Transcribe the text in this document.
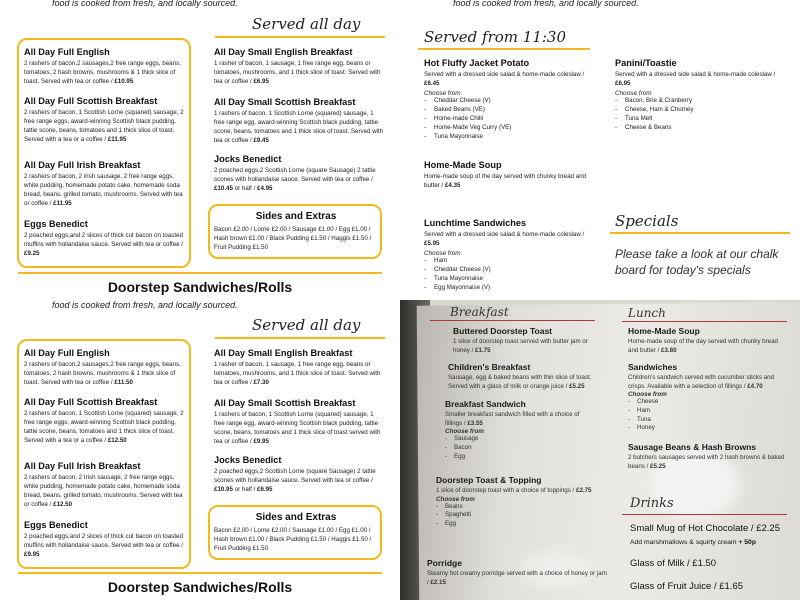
food is cooked from fresh, and locally sourced.
Served all day
All Day Full English

2 rashers of bacon,2 sausages,2 free range eggs, beans, tomatoes, 2 hash browns, mushrooms & 1 thick slice of toast. Served with tea or coffee / £10.95

All Day Full Scottish Breakfast

2 rashers of bacon, 1 Scottish Lorne (squared) sausage, 2 free range eggs, award-winning Scottish black pudding, tattie scone, beans, tomatoes and 1 thick slice of toast. Served with a tea or a coffee / £11.95

All Day Full Irish Breakfast

2 rashers of bacon, 2 irish sausage, 2 free range eggs, white pudding, homemade potato cake, homemade soda bread, beans, grilled tomato, mushrooms. Served with tea or coffee / £11.95

Eggs Benedict

2 poached eggs,and 2 slices of thick cut bacon on toasted muffins with hollandaise sauce. Served with tea or coffee / £9.25

All Day Small English Breakfast

1 rasher of bacon, 1 sausage, 1 free range egg, beans or tomatoes, mushrooms, and 1 thick slice of toast. Served with tea or coffee / £6.95

All Day Small Scottish Breakfast

1 rashers of bacon, 1 Scottish Lorne (squared) sausage, 1 free range egg, award-winning Scottish black pudding, tattie scone, beans, tomatoes and 1 thick slice of toast. Served with tea or coffee / £9.45

Jocks Benedict

2 poached eggs,2 Scottish Lorne (square Sausage) 2 tattie scones with hollandaise sauce. Served with tea or coffee / £10.45 or half / £4.95

Sides and Extras

Bacon £2.00 / Lorne £2.00 / Sausage £1.00 / Egg £1.00 / Hash brown £1.00 / Black Pudding £1.50 / Haggis £1.50 / Fruit Pudding £1.50

Doorstep Sandwiches/Rolls
food is cooked from fresh, and locally sourced.
Served from 11:30
Hot Fluffy Jacket Potato

Served with a dressed side salad & home-made coleslaw / £6.45

Choose from
- Cheddar Cheese (V)
- Baked Beans (VE)
- Home-made Chilli
- Home-Made Veg Curry (VE)
- Tuna Mayonnaise
Panini/Toastie

Served with a dressed side salad & home-made coleslaw / £6.95

Choose from
- Bacon, Brie & Cranberry
- Cheese, Ham & Chutney
- Tuna Melt
- Cheese & Beans
Home-Made Soup

Home-made soup of the day served with chunky bread and butter / £4.35

Lunchtime Sandwiches

Served with a dressed side salad & home-made coleslaw / £5.95

Choose from
- Ham
- Cheddar Cheese (V)
- Tuna Mayonnaise
- Egg Mayonnaise (V)
Specials
Please take a look at our chalk board for today's specials
food is cooked from fresh, and locally sourced.
Served all day
All Day Full English

2 rashers of bacon,2 sausages,2 free range eggs, beans, tomatoes, 2 hash browns, mushrooms & 1 thick slice of toast. Served with tea or coffee / £11.50

All Day Full Scottish Breakfast

2 rashers of bacon, 1 Scottish Lorne (squared) sausage, 2 free range eggs, award-winning Scottish black pudding, tattie scone, beans, tomatoes and 1 thick slice of toast. Served with a tea or a coffee / £12.50

All Day Full Irish Breakfast

2 rashers of bacon, 2 Irish sausage, 2 free range eggs, white pudding, homemade potato cake, homemade soda bread, beans, grilled tomato, mushrooms. Served with tea or coffee / £12.50

Eggs Benedict

2 poached eggs,and 2 slices of thick cut bacon on toasted muffins with hollandaise sauce. Served with tea or coffee / £9.95

All Day Small English Breakfast

1 rasher of bacon, 1 sausage, 1 free range egg, beans or tomatoes, mushrooms, and 1 thick slice of toast. Served with tea or coffee / £7.30

All Day Small Scottish Breakfast

1 rashers of bacon, 1 Scottish Lorne (squared) sausage, 1 free range egg, award-winning Scottish black pudding, tattie scone, beans, tomatoes and 1 thick slice of toast served with tea or coffee / £9.95

Jocks Benedict

2 poached eggs,2 Scottish Lorne (square Sausage) 2 tattie scones with hollandaise sauce. Served with tea or coffee / £10.95 or half / £6.95

Sides and Extras

Bacon £2.00 / Lorne £2.00 / Sausage £1.00 / Egg £1.00 / Hash brown £1.00 / Black Pudding £1.50 / Haggis £1.50 / Fruit Pudding £1.50

Doorstep Sandwiches/Rolls
Breakfast	Lunch
Buttered Doorstep Toast

1 slice of doorstep toast served with butter jam or honey / £1.75

Children's Breakfast

Sausage, egg & baked beans with thin slice of toast. Served with a glass of milk or orange juice / £5.25

Breakfast Sandwich

Smaller breakfast sandwich filled with a choice of fillings / £3.55

Choose from
- Sausage
- Bacon
- Egg
Doorstep Toast & Topping

1 slice of doorstep toast with a choice of toppings / £2.75

Choose from
- Beans
- Spaghetti
- Egg
Porridge

Steamy hot creamy porridge served with a choice of honey or jam / £2.15

Home-Made Soup

Home-made soup of the day served with chunky bread and butter / £3.80

Sandwiches

Children's sandwich served with cucumber sticks and crisps. Available with a selection of fillings / £4.70

Choose from
- Cheese
- Ham
- Tuna
- Honey
Sausage Beans & Hash Browns

2 butchers sausages served with 2 hash browns & baked beans / £5.25

Drinks
Small Mug of Hot Chocolate / £2.25
Add marshmallows & squirty cream + 50p
Glass of Milk / £1.50
Glass of Fruit Juice / £1.65
